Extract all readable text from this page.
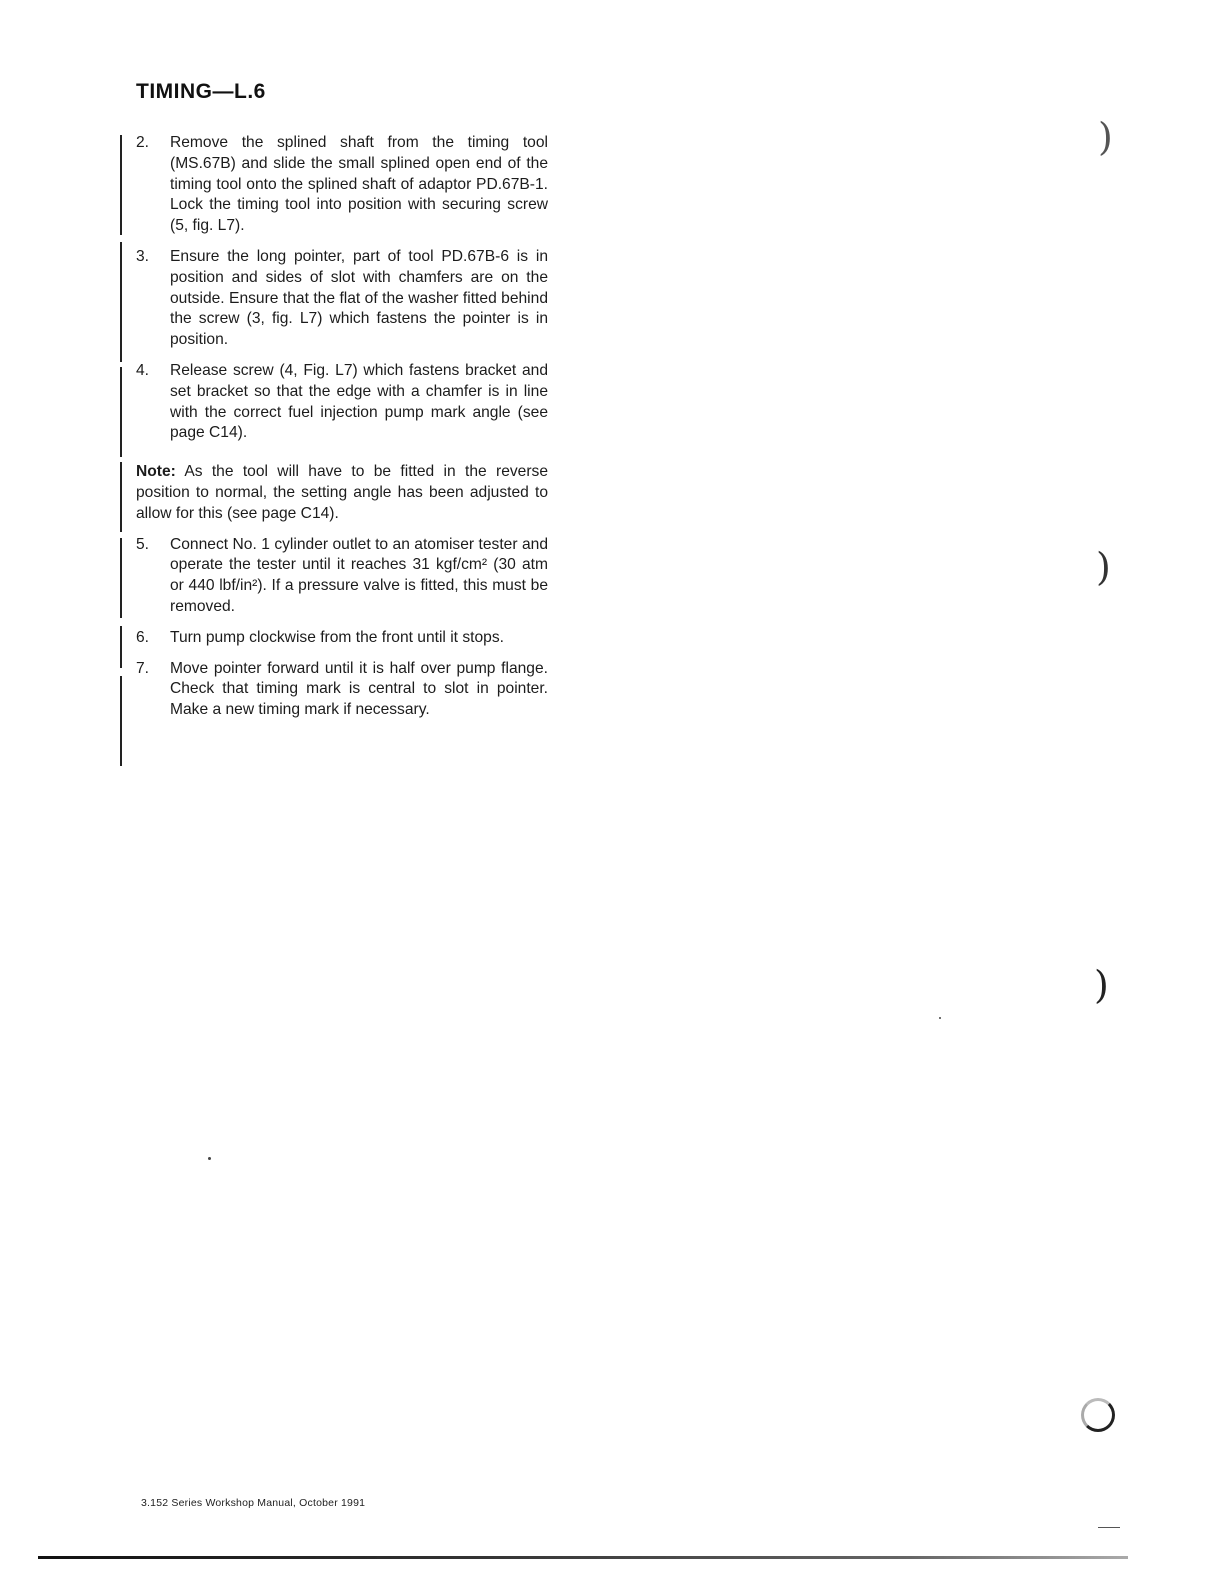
TIMING—L.6
2.	Remove the splined shaft from the timing tool (MS.67B) and slide the small splined open end of the timing tool onto the splined shaft of adaptor PD.67B-1. Lock the timing tool into position with securing screw (5, fig. L7).
3.	Ensure the long pointer, part of tool PD.67B-6 is in position and sides of slot with chamfers are on the outside. Ensure that the flat of the washer fitted behind the screw (3, fig. L7) which fastens the pointer is in position.
4.	Release screw (4, Fig. L7) which fastens bracket and set bracket so that the edge with a chamfer is in line with the correct fuel injection pump mark angle (see page C14).
Note: As the tool will have to be fitted in the reverse position to normal, the setting angle has been adjusted to allow for this (see page C14).
5.	Connect No. 1 cylinder outlet to an atomiser tester and operate the tester until it reaches 31 kgf/cm² (30 atm or 440 lbf/in²). If a pressure valve is fitted, this must be removed.
6.	Turn pump clockwise from the front until it stops.
7.	Move pointer forward until it is half over pump flange. Check that timing mark is central to slot in pointer. Make a new timing mark if necessary.
)
)
)
3.152 Series Workshop Manual, October 1991
